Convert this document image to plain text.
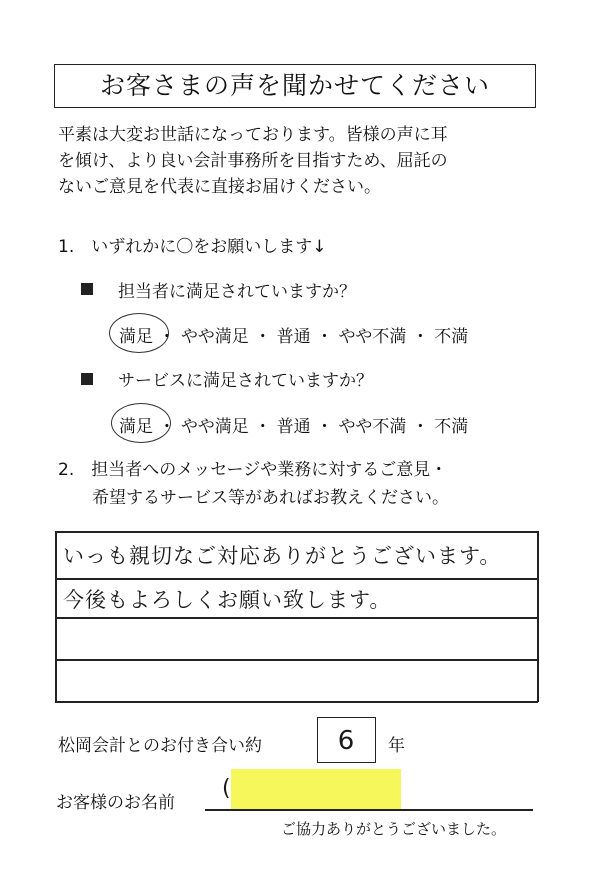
お客さまの声を聞かせてください
平素は大変お世話になっております。皆様の声に耳
を傾け、より良い会計事務所を目指すため、屈託の
ないご意見を代表に直接お届けください。
1.　いずれかに〇をお願いします↓
担当者に満足されていますか？
満足 ・ やや満足 ・ 普通 ・ やや不満 ・ 不満
サービスに満足されていますか？
満足 ・ やや満足 ・ 普通 ・ やや不満 ・ 不満
2.　担当者へのメッセージや業務に対するご意見・
希望するサービス等があればお教えください。
いっも親切なご対応ありがとうございます。
今後もよろしくお願い致します。
松岡会計とのお付き合い約	6	年
お客様のお名前
(
ご協力ありがとうございました。
